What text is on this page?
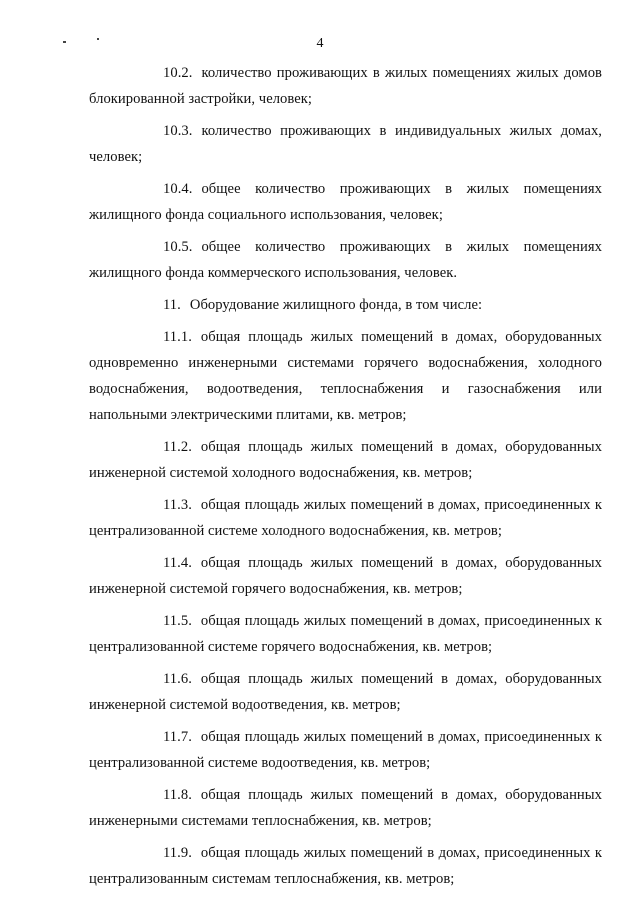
4

10.2. количество проживающих в жилых помещениях жилых домов блокированной застройки, человек;

10.3. количество проживающих в индивидуальных жилых домах, человек;

10.4. общее количество проживающих в жилых помещениях жилищного фонда социального использования, человек;

10.5. общее количество проживающих в жилых помещениях жилищного фонда коммерческого использования, человек.

11. Оборудование жилищного фонда, в том числе:

11.1. общая площадь жилых помещений в домах, оборудованных одновременно инженерными системами горячего водоснабжения, холодного водоснабжения, водоотведения, теплоснабжения и газоснабжения или напольными электрическими плитами, кв. метров;

11.2. общая площадь жилых помещений в домах, оборудованных инженерной системой холодного водоснабжения, кв. метров;

11.3. общая площадь жилых помещений в домах, присоединенных к централизованной системе холодного водоснабжения, кв. метров;

11.4. общая площадь жилых помещений в домах, оборудованных инженерной системой горячего водоснабжения, кв. метров;

11.5. общая площадь жилых помещений в домах, присоединенных к централизованной системе горячего водоснабжения, кв. метров;

11.6. общая площадь жилых помещений в домах, оборудованных инженерной системой водоотведения, кв. метров;

11.7. общая площадь жилых помещений в домах, присоединенных к централизованной системе водоотведения, кв. метров;

11.8. общая площадь жилых помещений в домах, оборудованных инженерными системами теплоснабжения, кв. метров;

11.9. общая площадь жилых помещений в домах, присоединенных к централизованным системам теплоснабжения, кв. метров;
